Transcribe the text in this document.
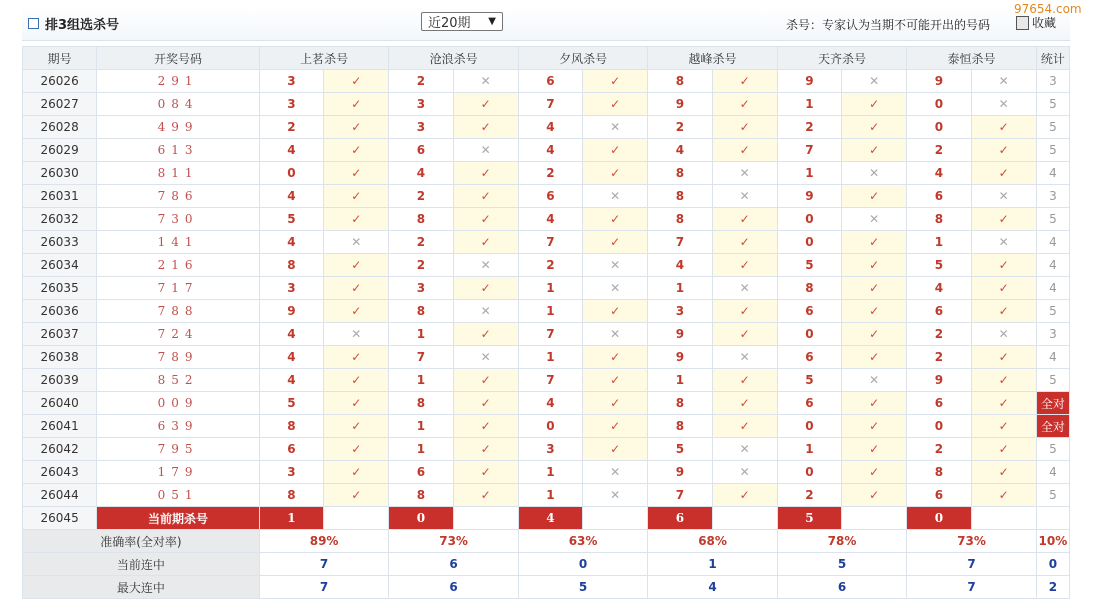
排3组选杀号	近20期 ▼	杀号：专家认为当期不可能开出的号码	收藏
97654.com
期号	开奖号码	上茗杀号		沧浪杀号		夕风杀号		越峰杀号		天齐杀号		泰恒杀号		统计
26026	291	3	✓	2	✕	6	✓	8	✓	9	✕	9	✕	3
26027	084	3	✓	3	✓	7	✓	9	✓	1	✓	0	✕	5
26028	499	2	✓	3	✓	4	✕	2	✓	2	✓	0	✓	5
26029	613	4	✓	6	✕	4	✓	4	✓	7	✓	2	✓	5
26030	811	0	✓	4	✓	2	✓	8	✕	1	✕	4	✓	4
26031	786	4	✓	2	✓	6	✕	8	✕	9	✓	6	✕	3
26032	730	5	✓	8	✓	4	✓	8	✓	0	✕	8	✓	5
26033	141	4	✕	2	✓	7	✓	7	✓	0	✓	1	✕	4
26034	216	8	✓	2	✕	2	✕	4	✓	5	✓	5	✓	4
26035	717	3	✓	3	✓	1	✕	1	✕	8	✓	4	✓	4
26036	788	9	✓	8	✕	1	✓	3	✓	6	✓	6	✓	5
26037	724	4	✕	1	✓	7	✕	9	✓	0	✓	2	✕	3
26038	789	4	✓	7	✕	1	✓	9	✕	6	✓	2	✓	4
26039	852	4	✓	1	✓	7	✓	1	✓	5	✕	9	✓	5
26040	009	5	✓	8	✓	4	✓	8	✓	6	✓	6	✓	全对
26041	639	8	✓	1	✓	0	✓	8	✓	0	✓	0	✓	全对
26042	795	6	✓	1	✓	3	✓	5	✕	1	✓	2	✓	5
26043	179	3	✓	6	✓	1	✕	9	✕	0	✓	8	✓	4
26044	051	8	✓	8	✓	1	✕	7	✓	2	✓	6	✓	5
26045	当前期杀号	1		0		4		6		5		0		
准确率(全对率)		89%		73%		63%		68%		78%		73%		10%
当前连中		7		6		0		1		5		7		0
最大连中		7		6		5		4		6		7		2
